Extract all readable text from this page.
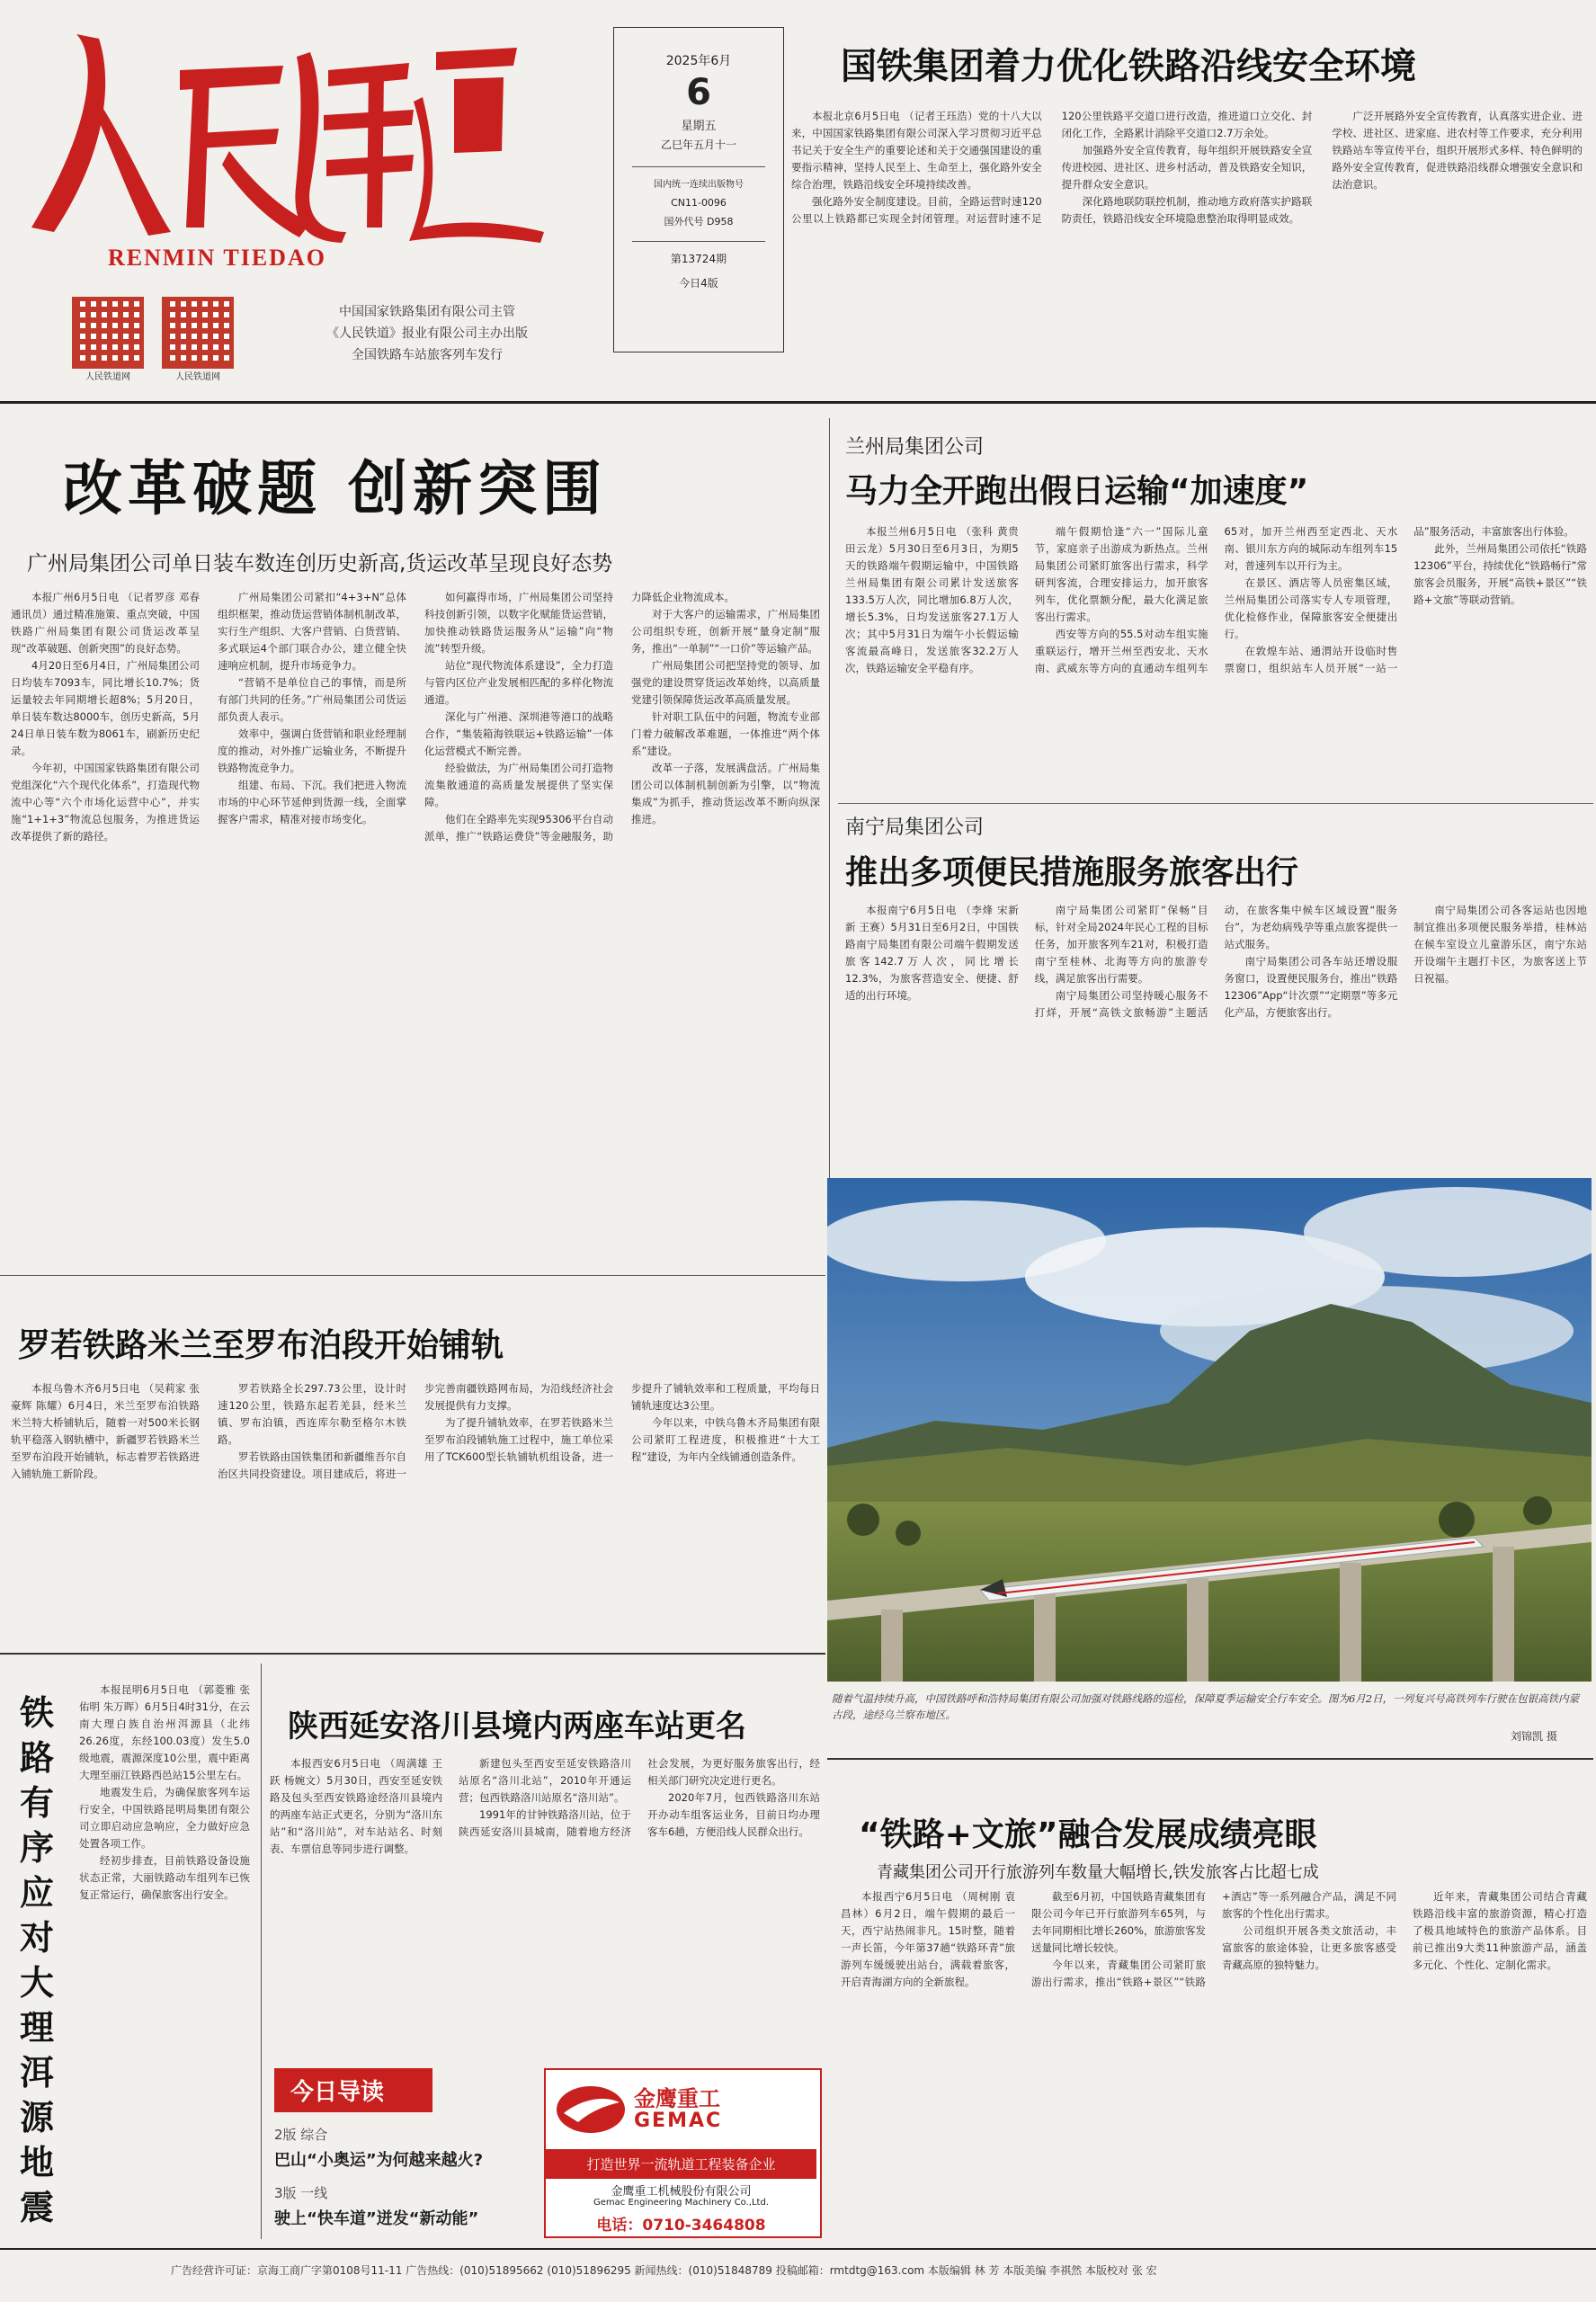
RENMIN TIEDAO
人民铁道网	人民铁道网
中国国家铁路集团有限公司主管
《人民铁道》报业有限公司主办出版
全国铁路车站旅客列车发行
2025年6月
6
星期五
乙巳年五月十一
国内统一连续出版物号
CN11-0096
国外代号 D958
第13724期
今日4版
国铁集团着力优化铁路沿线安全环境

本报北京6月5日电 （记者王珏浩）党的十八大以来，中国国家铁路集团有限公司深入学习贯彻习近平总书记关于安全生产的重要论述和关于交通强国建设的重要指示精神，坚持人民至上、生命至上，强化路外安全综合治理，铁路沿线安全环境持续改善。

强化路外安全制度建设。目前，全路运营时速120公里以上铁路都已实现全封闭管理。对运营时速不足120公里铁路平交道口进行改造，推进道口立交化、封闭化工作，全路累计消除平交道口2.7万余处。

加强路外安全宣传教育，每年组织开展铁路安全宣传进校园、进社区、进乡村活动，普及铁路安全知识，提升群众安全意识。

深化路地联防联控机制，推动地方政府落实护路联防责任，铁路沿线安全环境隐患整治取得明显成效。

广泛开展路外安全宣传教育，认真落实进企业、进学校、进社区、进家庭、进农村等工作要求，充分利用铁路站车等宣传平台，组织开展形式多样、特色鲜明的路外安全宣传教育，促进铁路沿线群众增强安全意识和法治意识。

改革破题 创新突围
广州局集团公司单日装车数连创历史新高,货运改革呈现良好态势

本报广州6月5日电 （记者罗彦 邓春 通讯员）通过精准施策、重点突破，中国铁路广州局集团有限公司货运改革呈现“改革破题、创新突围”的良好态势。

4月20日至6月4日，广州局集团公司日均装车7093车，同比增长10.7%；货运量较去年同期增长超8%；5月20日，单日装车数达8000车，创历史新高，5月24日单日装车数为8061车，刷新历史纪录。

今年初，中国国家铁路集团有限公司党组深化“六个现代化体系”，打造现代物流中心等“六个市场化运营中心”，并实施“1+1+3”物流总包服务，为推进货运改革提供了新的路径。

广州局集团公司紧扣“4+3+N”总体组织框架，推动货运营销体制机制改革，实行生产组织、大客户营销、白货营销、多式联运4个部门联合办公，建立健全快速响应机制，提升市场竞争力。

“营销不是单位自己的事情，而是所有部门共同的任务。”广州局集团公司货运部负责人表示。

效率中，强调白货营销和职业经理制度的推动，对外推广运输业务，不断提升铁路物流竞争力。

组建、布局、下沉。我们把进入物流市场的中心环节延伸到货源一线，全面掌握客户需求，精准对接市场变化。

如何赢得市场，广州局集团公司坚持科技创新引领，以数字化赋能货运营销，加快推动铁路货运服务从“运输”向“物流”转型升级。

站位“现代物流体系建设”，全力打造与管内区位产业发展相匹配的多样化物流通道。

深化与广州港、深圳港等港口的战略合作，“集装箱海铁联运+铁路运输”一体化运营模式不断完善。

经验做法，为广州局集团公司打造物流集散通道的高质量发展提供了坚实保障。

他们在全路率先实现95306平台自动派单，推广“铁路运费贷”等金融服务，助力降低企业物流成本。

对于大客户的运输需求，广州局集团公司组织专班，创新开展“量身定制”服务，推出“一单制”“一口价”等运输产品。

广州局集团公司把坚持党的领导、加强党的建设贯穿货运改革始终，以高质量党建引领保障货运改革高质量发展。

针对职工队伍中的问题，物流专业部门着力破解改革难题，一体推进“两个体系”建设。

改革一子落，发展满盘活。广州局集团公司以体制机制创新为引擎，以“物流集成”为抓手，推动货运改革不断向纵深推进。

兰州局集团公司
马力全开跑出假日运输“加速度”

本报兰州6月5日电 （张科 黄贵 田云龙）5月30日至6月3日，为期5天的铁路端午假期运输中，中国铁路兰州局集团有限公司累计发送旅客133.5万人次，同比增加6.8万人次，增长5.3%，日均发送旅客27.1万人次；其中5月31日为端午小长假运输客流最高峰日，发送旅客32.2万人次，铁路运输安全平稳有序。

端午假期恰逢“六一”国际儿童节，家庭亲子出游成为新热点。兰州局集团公司紧盯旅客出行需求，科学研判客流，合理安排运力，加开旅客列车，优化票额分配，最大化满足旅客出行需求。

西安等方向的55.5对动车组实施重联运行，增开兰州至西安北、天水南、武威东等方向的直通动车组列车65对，加开兰州西至定西北、天水南、银川东方向的城际动车组列车15对，普速列车以开行为主。

在景区、酒店等人员密集区域，兰州局集团公司落实专人专项管理，优化检修作业，保障旅客安全便捷出行。

在敦煌车站、通渭站开设临时售票窗口，组织站车人员开展“一站一品”服务活动，丰富旅客出行体验。

此外，兰州局集团公司依托“铁路12306”平台，持续优化“铁路畅行”常旅客会员服务，开展“高铁+景区”“铁路+文旅”等联动营销。

南宁局集团公司
推出多项便民措施服务旅客出行

本报南宁6月5日电 （李烽 宋新新 王赛）5月31日至6月2日，中国铁路南宁局集团有限公司端午假期发送旅客142.7万人次，同比增长12.3%，为旅客营造安全、便捷、舒适的出行环境。

南宁局集团公司紧盯“保畅”目标，针对全局2024年民心工程的目标任务，加开旅客列车21对，积极打造南宁至桂林、北海等方向的旅游专线，满足旅客出行需要。

南宁局集团公司坚持暖心服务不打烊，开展“高铁文旅畅游”主题活动，在旅客集中候车区域设置“服务台”，为老幼病残孕等重点旅客提供一站式服务。

南宁局集团公司各车站还增设服务窗口，设置便民服务台，推出“铁路12306”App“计次票”“定期票”等多元化产品，方便旅客出行。

南宁局集团公司各客运站也因地制宜推出多项便民服务举措，桂林站在候车室设立儿童游乐区，南宁东站开设端午主题打卡区，为旅客送上节日祝福。

随着气温持续升高，中国铁路呼和浩特局集团有限公司加强对铁路线路的巡检，保障夏季运输安全行车安全。图为6月2日，一列复兴号高铁列车行驶在包银高铁内蒙古段，途经乌兰察布地区。
刘锦凯 摄
罗若铁路米兰至罗布泊段开始铺轨

本报乌鲁木齐6月5日电 （吴莉家 张豪辉 陈耀）6月4日，米兰至罗布泊铁路米兰特大桥铺轨后，随着一对500米长钢轨平稳落入钢轨槽中，新疆罗若铁路米兰至罗布泊段开始铺轨，标志着罗若铁路进入铺轨施工新阶段。

罗若铁路全长297.73公里，设计时速120公里，铁路东起若羌县，经米兰镇、罗布泊镇，西连库尔勒至格尔木铁路。

罗若铁路由国铁集团和新疆维吾尔自治区共同投资建设。项目建成后，将进一步完善南疆铁路网布局，为沿线经济社会发展提供有力支撑。

为了提升铺轨效率，在罗若铁路米兰至罗布泊段铺轨施工过程中，施工单位采用了TCK600型长轨铺轨机组设备，进一步提升了铺轨效率和工程质量，平均每日铺轨速度达3公里。

今年以来，中铁乌鲁木齐局集团有限公司紧盯工程进度，积极推进“十大工程”建设，为年内全线铺通创造条件。

铁路有序应对大理洱源地震

本报昆明6月5日电 （郭菱雅 张佑明 朱万晖）6月5日4时31分，在云南大理白族自治州洱源县（北纬26.26度，东经100.03度）发生5.0级地震，震源深度10公里，震中距离大理至丽江铁路西邑站15公里左右。

地震发生后，为确保旅客列车运行安全，中国铁路昆明局集团有限公司立即启动应急响应，全力做好应急处置各项工作。

经初步排查，目前铁路设备设施状态正常，大丽铁路动车组列车已恢复正常运行，确保旅客出行安全。

陕西延安洛川县境内两座车站更名

本报西安6月5日电 （周满雄 王跃 杨婉文）5月30日，西安至延安铁路及包头至西安铁路途经洛川县境内的两座车站正式更名，分别为“洛川东站”和“洛川站”，对车站站名、时刻表、车票信息等同步进行调整。

新建包头至西安至延安铁路洛川站原名“洛川北站”，2010年开通运营；包西铁路洛川站原名“洛川站”。

1991年的甘钟铁路洛川站，位于陕西延安洛川县城南，随着地方经济社会发展，为更好服务旅客出行，经相关部门研究决定进行更名。

2020年7月，包西铁路洛川东站开办动车组客运业务，目前日均办理客车6趟，方便沿线人民群众出行。

今日导读
2版 综合
巴山“小奥运”为何越来越火?
3版 一线
驶上“快车道”迸发“新动能”
金鹰重工
GEMAC
打造世界一流轨道工程装备企业
金鹰重工机械股份有限公司
Gemac Engineering Machinery Co.,Ltd.
电话：0710-3464808
“铁路+文旅”融合发展成绩亮眼
青藏集团公司开行旅游列车数量大幅增长,铁发旅客占比超七成

本报西宁6月5日电 （周树刚 袁昌林）6月2日，端午假期的最后一天，西宁站热闹非凡。15时整，随着一声长笛，今年第37趟“铁路环青”旅游列车缓缓驶出站台，满载着旅客，开启青海湖方向的全新旅程。

截至6月初，中国铁路青藏集团有限公司今年已开行旅游列车65列，与去年同期相比增长260%，旅游旅客发送量同比增长较快。

今年以来，青藏集团公司紧盯旅游出行需求，推出“铁路+景区”“铁路+酒店”等一系列融合产品，满足不同旅客的个性化出行需求。

公司组织开展各类文旅活动，丰富旅客的旅途体验，让更多旅客感受青藏高原的独特魅力。

近年来，青藏集团公司结合青藏铁路沿线丰富的旅游资源，精心打造了极具地域特色的旅游产品体系。目前已推出9大类11种旅游产品，涵盖多元化、个性化、定制化需求。

广告经营许可证：京海工商广字第0108号11-11 广告热线：(010)51895662 (010)51896295 新闻热线：(010)51848789 投稿邮箱：rmtdtg@163.com 本版编辑 林 芳 本版美编 李祺然 本版校对 张 宏
